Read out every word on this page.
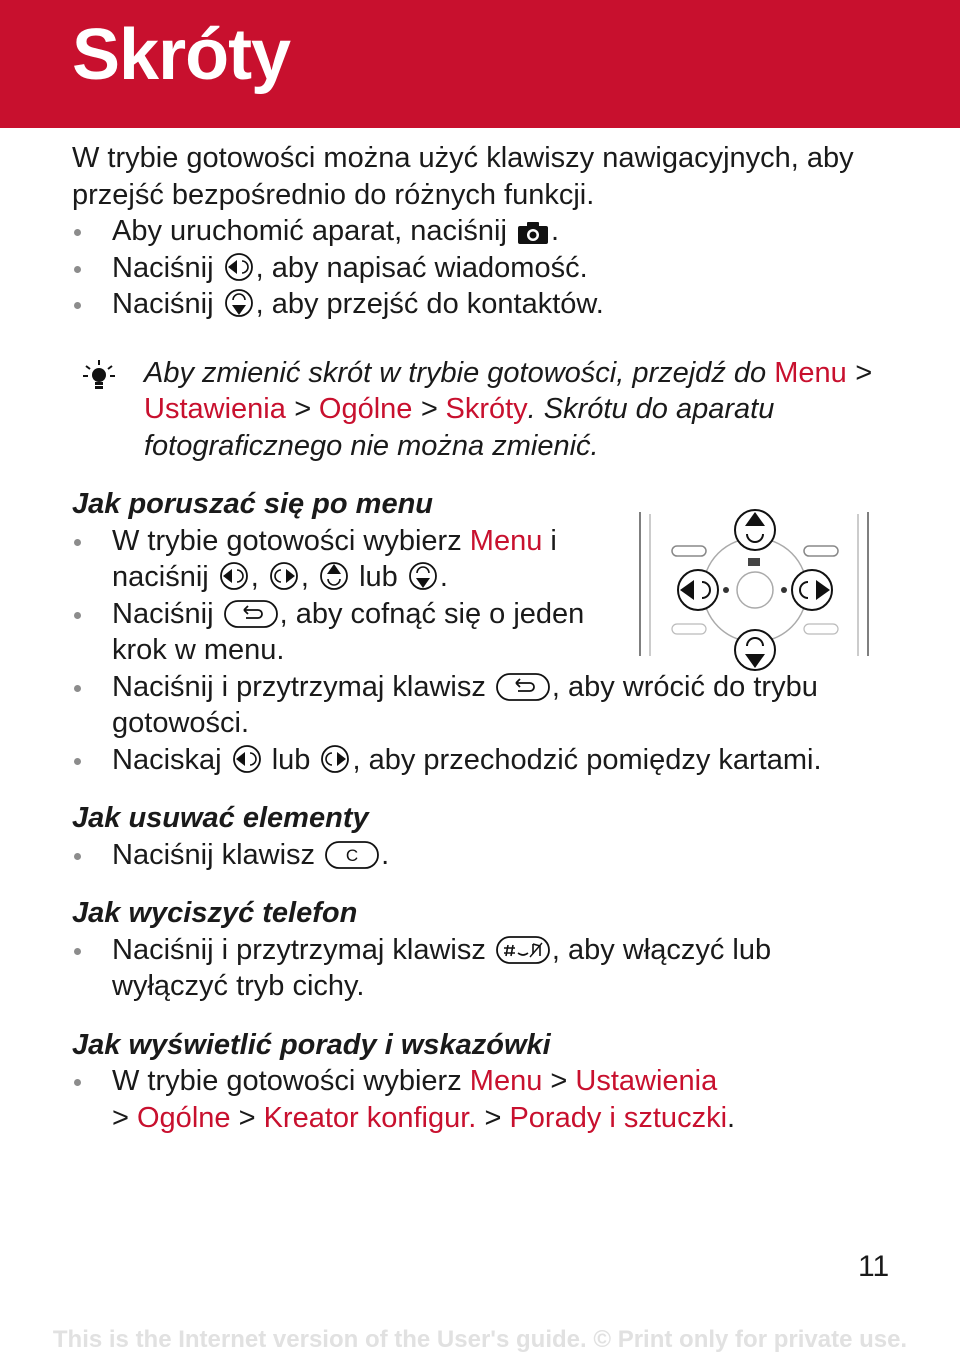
Skróty

W trybie gotowości można użyć klawiszy nawigacyjnych, aby przejść bezpośrednio do różnych funkcji.

Aby uruchomić aparat, naciśnij .
Naciśnij , aby napisać wiadomość.
Naciśnij , aby przejść do kontaktów.
Aby zmienić skrót w trybie gotowości, przejdź do Menu > Ustawienia > Ogólne > Skróty. Skrótu do aparatu fotograficznego nie można zmienić.

Jak poruszać się po menu

W trybie gotowości wybierz Menu i naciśnij , , lub .
Naciśnij , aby cofnąć się o jeden krok w menu.
Naciśnij i przytrzymaj klawisz , aby wrócić do trybu gotowości.
Naciskaj lub , aby przechodzić pomiędzy kartami.

Jak usuwać elementy

Naciśnij klawisz C .

Jak wyciszyć telefon

Naciśnij i przytrzymaj klawisz , aby włączyć lub wyłączyć tryb cichy.

Jak wyświetlić porady i wskazówki

W trybie gotowości wybierz Menu > Ustawienia
> Ogólne > Kreator konfigur. > Porady i sztuczki.
11
This is the Internet version of the User's guide. © Print only for private use.
